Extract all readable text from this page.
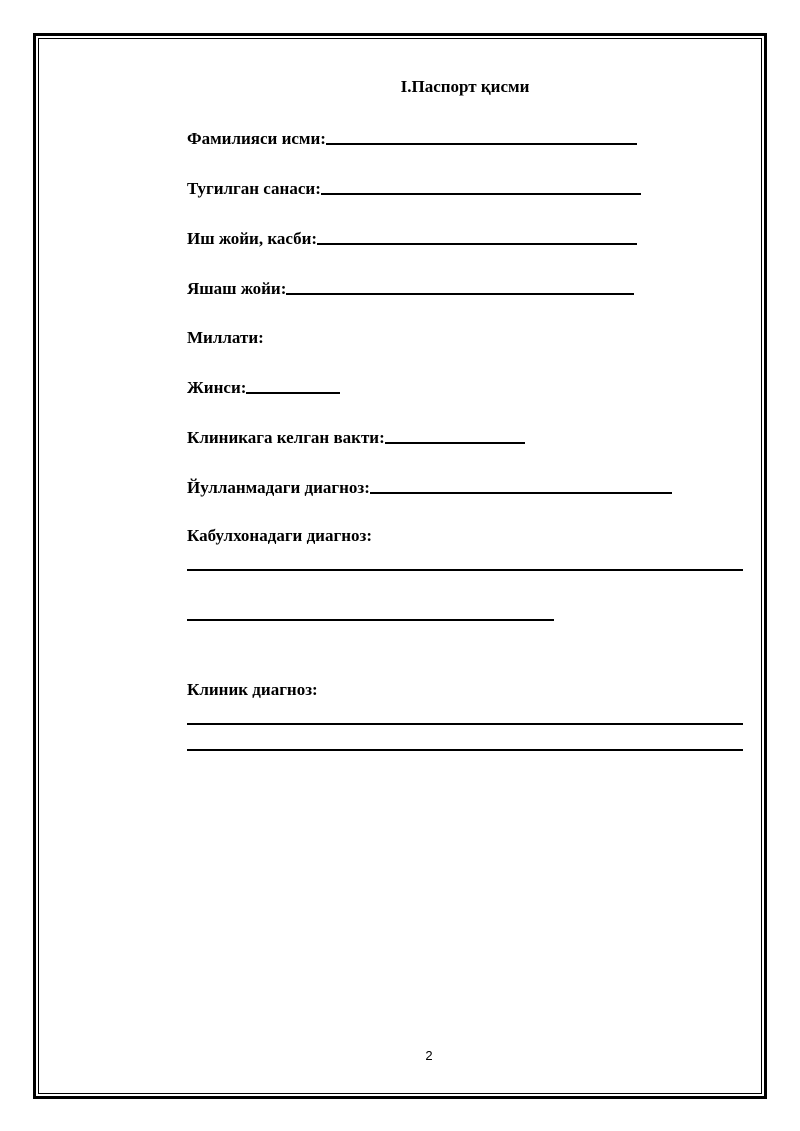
I.Паспорт қисми
Фамилияси исми:
Тугилган санаси:
Иш жойи, касби:
Яшаш жойи:
Миллати:
Жинси:
Клиникага келган вакти:
Йулланмадаги диагноз:
Кабулхонадаги диагноз:
Клиник диагноз:
2
